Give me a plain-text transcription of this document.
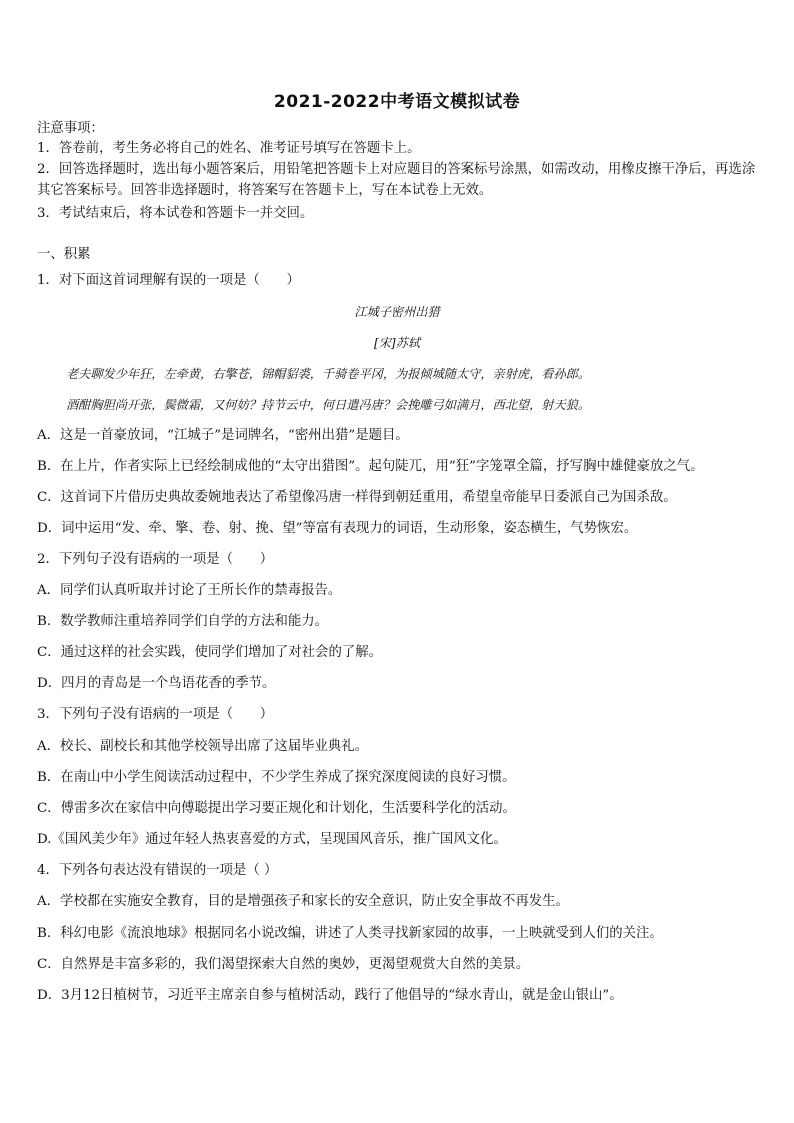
2021-2022中考语文模拟试卷
注意事项：
1．答卷前，考生务必将自己的姓名、准考证号填写在答题卡上。
2．回答选择题时，选出每小题答案后，用铅笔把答题卡上对应题目的答案标号涂黑，如需改动，用橡皮擦干净后，再选涂其它答案标号。回答非选择题时，将答案写在答题卡上，写在本试卷上无效。
3．考试结束后，将本试卷和答题卡一并交回。
一、积累
1．对下面这首词理解有误的一项是（　　）
江城子密州出猎
[宋]苏轼
老夫聊发少年狂，左牵黄，右擎苍，锦帽貂裘，千骑卷平冈，为报倾城随太守，亲射虎，看孙郎。
酒酣胸胆尚开张，鬓微霜，又何妨？持节云中，何日遣冯唐？会挽雕弓如满月，西北望，射天狼。
A．这是一首豪放词，“江城子”是词牌名，“密州出猎”是题目。
B．在上片，作者实际上已经绘制成他的“太守出猎图”。起句陡兀，用“狂”字笼罩全篇，抒写胸中雄健豪放之气。
C．这首词下片借历史典故委婉地表达了希望像冯唐一样得到朝廷重用，希望皇帝能早日委派自己为国杀敌。
D．词中运用“发、牵、擎、卷、射、挽、望”等富有表现力的词语，生动形象，姿态横生，气势恢宏。
2．下列句子没有语病的一项是（　　）
A．同学们认真听取并讨论了王所长作的禁毒报告。
B．数学教师注重培养同学们自学的方法和能力。
C．通过这样的社会实践，使同学们增加了对社会的了解。
D．四月的青岛是一个鸟语花香的季节。
3．下列句子没有语病的一项是（　　）
A．校长、副校长和其他学校领导出席了这届毕业典礼。
B．在南山中小学生阅读活动过程中，不少学生养成了探究深度阅读的良好习惯。
C．傅雷多次在家信中向傅聪提出学习要正规化和计划化，生活要科学化的活动。
D.《国风美少年》通过年轻人热衷喜爱的方式，呈现国风音乐，推广国风文化。
4．下列各句表达没有错误的一项是（ ）
A．学校都在实施安全教育，目的是增强孩子和家长的安全意识，防止安全事故不再发生。
B．科幻电影《流浪地球》根据同名小说改编，讲述了人类寻找新家园的故事，一上映就受到人们的关注。
C．自然界是丰富多彩的，我们渴望探索大自然的奥妙，更渴望观赏大自然的美景。
D．3月12日植树节，习近平主席亲自参与植树活动，践行了他倡导的“绿水青山，就是金山银山”。
